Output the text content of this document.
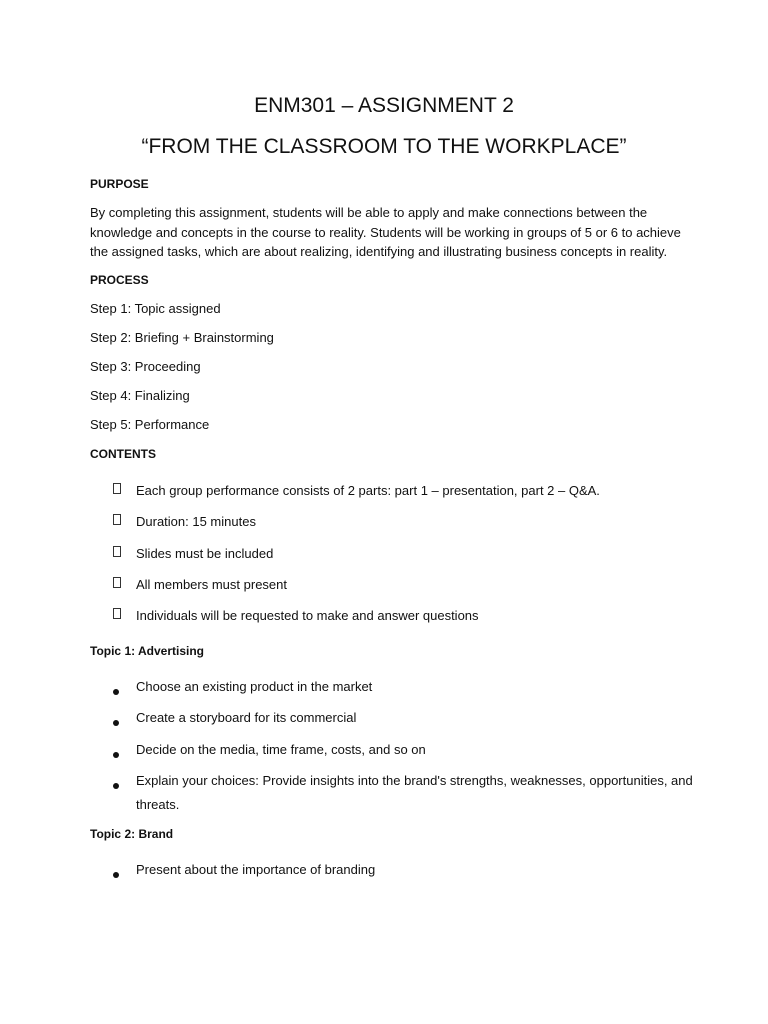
ENM301 – ASSIGNMENT 2
“FROM THE CLASSROOM TO THE WORKPLACE”
PURPOSE
By completing this assignment, students will be able to apply and make connections between the knowledge and concepts in the course to reality. Students will be working in groups of 5 or 6 to achieve the assigned tasks, which are about realizing, identifying and illustrating business concepts in reality.
PROCESS
Step 1: Topic assigned
Step 2: Briefing + Brainstorming
Step 3: Proceeding
Step 4: Finalizing
Step 5: Performance
CONTENTS
Each group performance consists of 2 parts: part 1 – presentation, part 2 – Q&A.
Duration: 15 minutes
Slides must be included
All members must present
Individuals will be requested to make and answer questions
Topic 1: Advertising
Choose an existing product in the market
Create a storyboard for its commercial
Decide on the media, time frame, costs, and so on
Explain your choices: Provide insights into the brand's strengths, weaknesses, opportunities, and threats.
Topic 2: Brand
Present about the importance of branding
